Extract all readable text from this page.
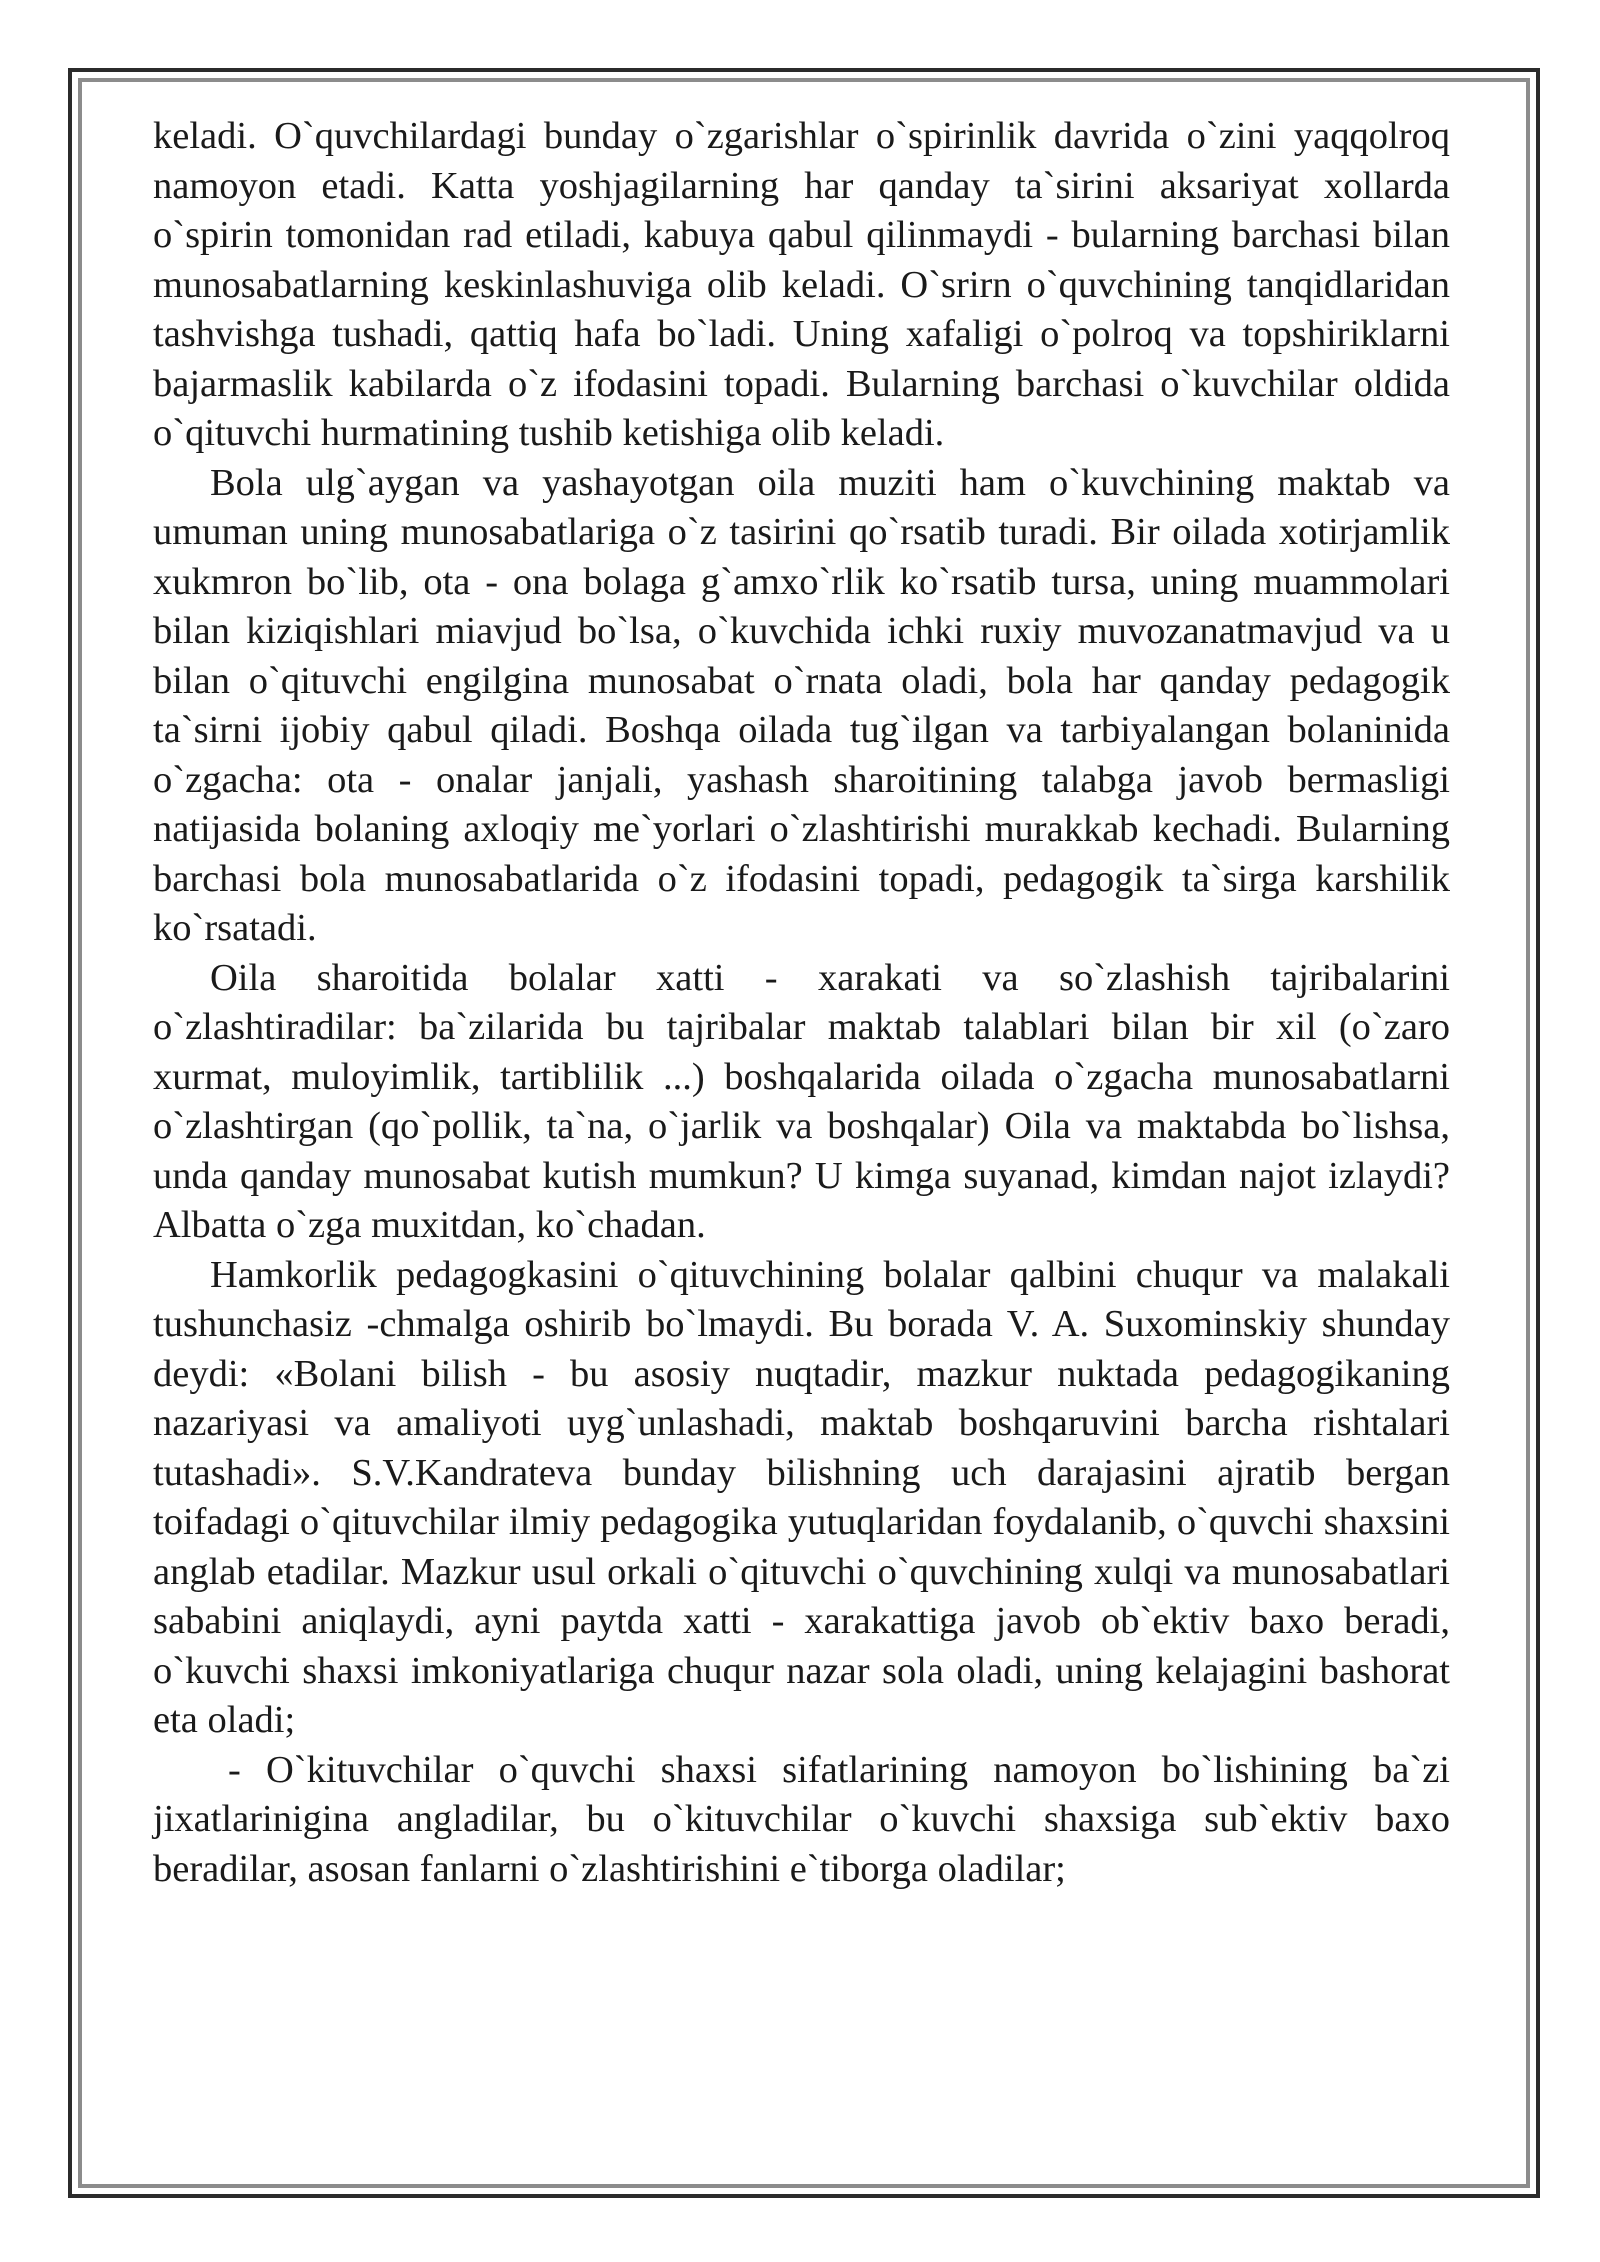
keladi. O`quvchilardagi bunday o`zgarishlar o`spirinlik davrida o`zini yaqqolroq namoyon etadi. Katta yoshjagilarning har qanday ta`sirini aksariyat xollarda o`spirin tomonidan rad etiladi, kabuya qabul qilinmaydi - bularning barchasi bilan munosabatlarning keskinlashuviga olib keladi. O`srirn o`quvchining tanqidlaridan tashvishga tushadi, qattiq hafa bo`ladi. Uning xafaligi o`polroq va topshiriklarni bajarmaslik kabilarda o`z ifodasini topadi. Bularning barchasi o`kuvchilar oldida o`qituvchi hurmatining tushib ketishiga olib keladi.

Bola ulg`aygan va yashayotgan oila muziti ham o`kuvchining maktab va umuman uning munosabatlariga o`z tasirini qo`rsatib turadi. Bir oilada xotirjamlik xukmron bo`lib, ota - ona bolaga g`amxo`rlik ko`rsatib tursa, uning muammolari bilan kiziqishlari miavjud bo`lsa, o`kuvchida ichki ruxiy muvozanatmavjud va u bilan o`qituvchi engilgina munosabat o`rnata oladi, bola har qanday pedagogik ta`sirni ijobiy qabul qiladi. Boshqa oilada tug`ilgan va tarbiyalangan bolaninida o`zgacha: ota - onalar janjali, yashash sharoitining talabga javob bermasligi natijasida bolaning axloqiy me`yorlari o`zlashtirishi murakkab kechadi. Bularning barchasi bola munosabatlarida o`z ifodasini topadi, pedagogik ta`sirga karshilik ko`rsatadi.

Oila sharoitida bolalar xatti - xarakati va so`zlashish tajribalarini o`zlashtiradilar: ba`zilarida bu tajribalar maktab talablari bilan bir xil (o`zaro xurmat, muloyimlik, tartiblilik ...) boshqalarida oilada o`zgacha munosabatlarni o`zlashtirgan (qo`pollik, ta`na, o`jarlik va boshqalar) Oila va maktabda bo`lishsa, unda qanday munosabat kutish mumkun? U kimga suyanad, kimdan najot izlaydi? Albatta o`zga muxitdan, ko`chadan.

Hamkorlik pedagogkasini o`qituvchining bolalar qalbini chuqur va malakali tushunchasiz -chmalga oshirib bo`lmaydi. Bu borada V. A. Suxominskiy shunday deydi: «Bolani bilish - bu asosiy nuqtadir, mazkur nuktada pedagogikaning nazariyasi va amaliyoti uyg`unlashadi, maktab boshqaruvini barcha rishtalari tutashadi». S.V.Kandrateva bunday bilishning uch darajasini ajratib bergan toifadagi o`qituvchilar ilmiy pedagogika yutuqlaridan foydalanib, o`quvchi shaxsini anglab etadilar. Mazkur usul orkali o`qituvchi o`quvchining xulqi va munosabatlari sababini aniqlaydi, ayni paytda xatti - xarakattiga javob ob`ektiv baxo beradi, o`kuvchi shaxsi imkoniyatlariga chuqur nazar sola oladi, uning kelajagini bashorat eta oladi;

- O`kituvchilar o`quvchi shaxsi sifatlarining namoyon bo`lishining ba`zi jixatlarinigina angladilar, bu o`kituvchilar o`kuvchi shaxsiga sub`ektiv baxo beradilar, asosan fanlarni o`zlashtirishini e`tiborga oladilar;
